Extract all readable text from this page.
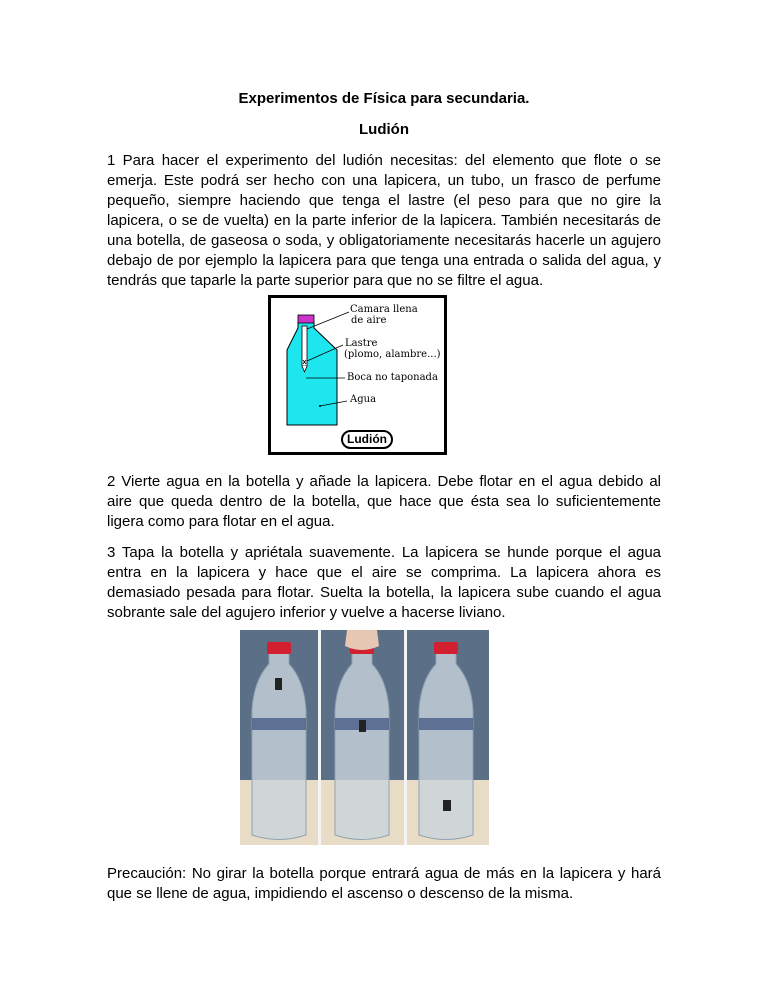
Experimentos de Física para secundaria.
Ludión

1 Para hacer el experimento del ludión necesitas: del elemento que flote o se emerja. Este podrá ser hecho con una lapicera, un tubo, un frasco de perfume pequeño, siempre haciendo que tenga el lastre (el peso para que no gire la lapicera, o se de vuelta) en la parte inferior de la lapicera. También necesitarás de una botella, de gaseosa o soda, y obligatoriamente necesitarás hacerle un agujero debajo de por ejemplo la lapicera para que tenga una entrada o salida del agua, y tendrás que taparle la parte superior para que no se filtre el agua.

Camara llena
de aire
Lastre
(plomo, alambre...)
Boca no taponada
Agua
Ludión

2 Vierte agua en la botella y añade la lapicera. Debe flotar en el agua debido al aire que queda dentro de la botella, que hace que ésta sea lo suficientemente ligera como para flotar en el agua.

3 Tapa la botella y apriétala suavemente. La lapicera se hunde porque el agua entra en la lapicera y hace que el aire se comprima. La lapicera ahora es demasiado pesada para flotar. Suelta la botella, la lapicera sube cuando el agua sobrante sale del agujero inferior y vuelve a hacerse liviano.

Precaución: No girar la botella porque entrará agua de más en la lapicera y hará que se llene de agua, impidiendo el ascenso o descenso de la misma.
